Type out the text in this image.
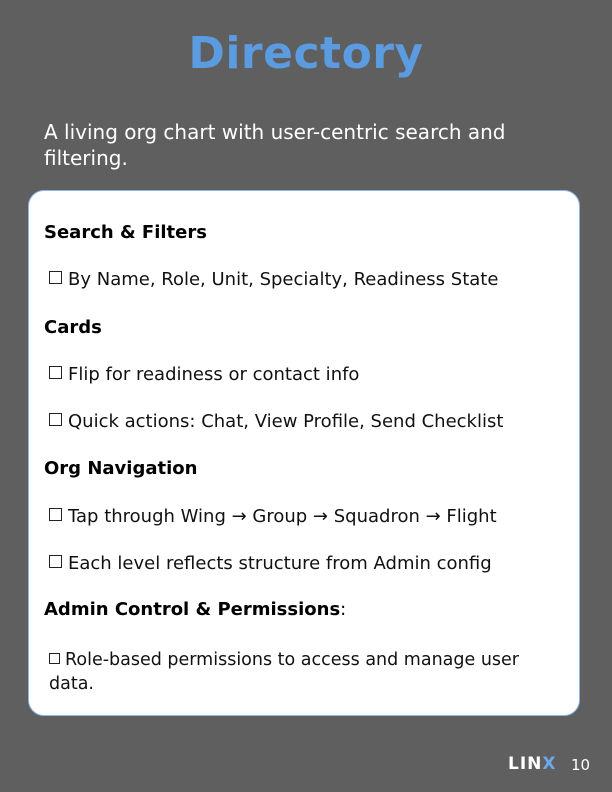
Directory

A living org chart with user-centric search and filtering.

Search & Filters
By Name, Role, Unit, Specialty, Readiness State
Cards
Flip for readiness or contact info
Quick actions: Chat, View Profile, Send Checklist
Org Navigation
Tap through Wing → Group → Squadron → Flight
Each level reflects structure from Admin config
Admin Control & Permissions:
Role-based permissions to access and manage user data.
LINX 10
